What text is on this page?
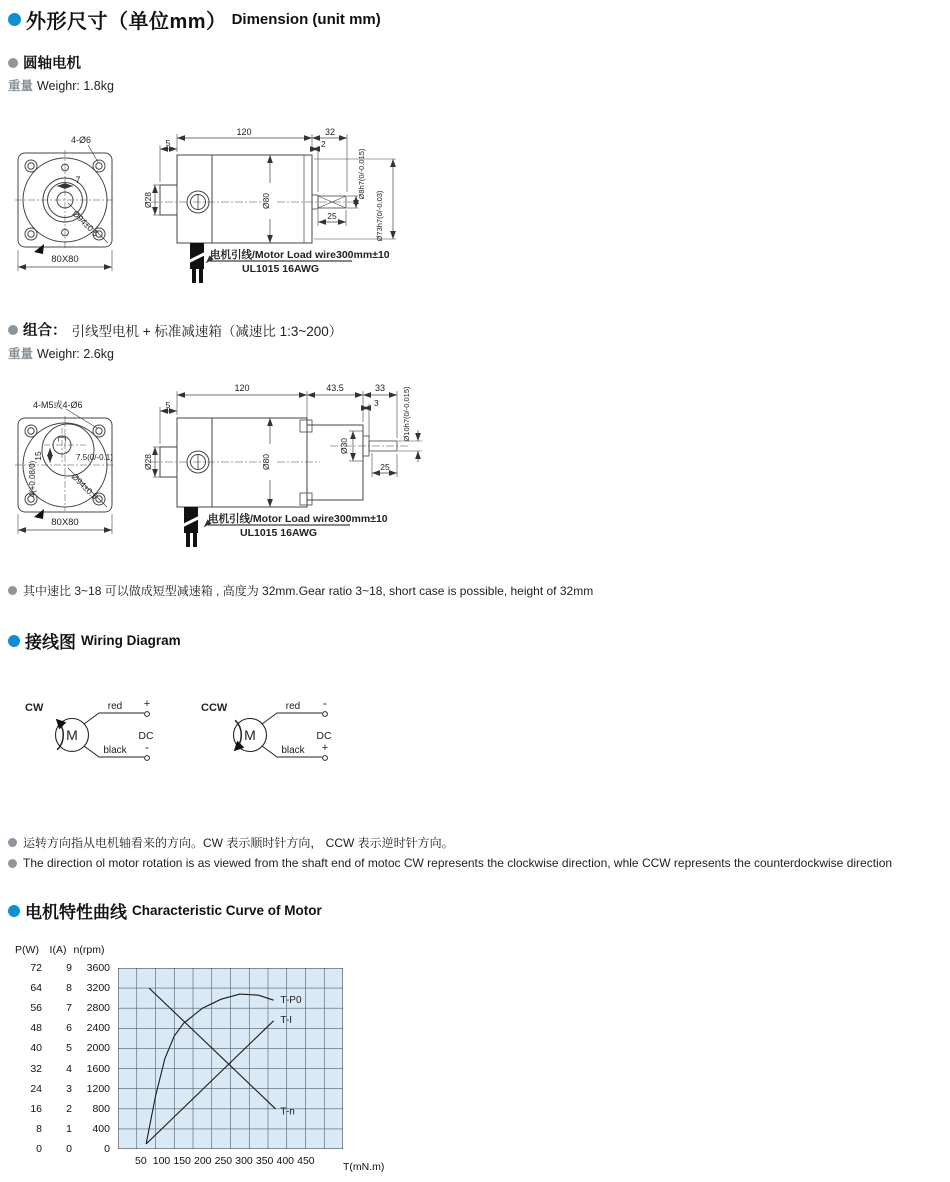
外形尺寸（单位mm） Dimension (unit mm)
圆轴电机
重量 Weighr: 1.8kg
4-Ø6
7
Ø94±0.5
80X80
120	32
2
5
Ø28	Ø80
25
Ø8h7(0/-0.015)
Ø73h7(0/-0.03)
电机引线/Motor Load wire300mm±10
UL1015 16AWG
组合： 引线型电机 + 标准减速箱（减速比 1:3~200）
重量 Weighr: 2.6kg
4-M5或4-Ø6
15	7.5(0/-0.1)
4(+0.08/0)	Ø94±0.5
80X80
120	43.5	33
3
5
Ø28	Ø80
Ø30
25
Ø10h7(0/-0.015)
电机引线/Motor Load wire300mm±10
UL1015 16AWG
其中速比 3~18 可以做成短型减速箱 , 高度为 32mm.Gear ratio 3~18, short case is possible, height of 32mm
接线图 Wiring Diagram
CW
M
red +
DC
black -
CCW
M
red -
DC
black +
运转方向指从电机轴看来的方向。CW 表示顺时针方向， CCW 表示逆时针方向。
The direction ol motor rotation is as viewed from the shaft end of motoc CW represents the clockwise direction, whle CCW represents the counterdockwise direction
电机特性曲线 Characteristic Curve of Motor
T-P0
T-I
T-n
T(mN.m)
P(W)
72
64
56
48
40
32
24
16
8
0
I(A)
9
8
7
6
5
4
3
2
1
0
n(rpm)
3600
3200
2800
2400
2000
1600
1200
800
400
0
50 100 150 200 250 300 350 400 450
